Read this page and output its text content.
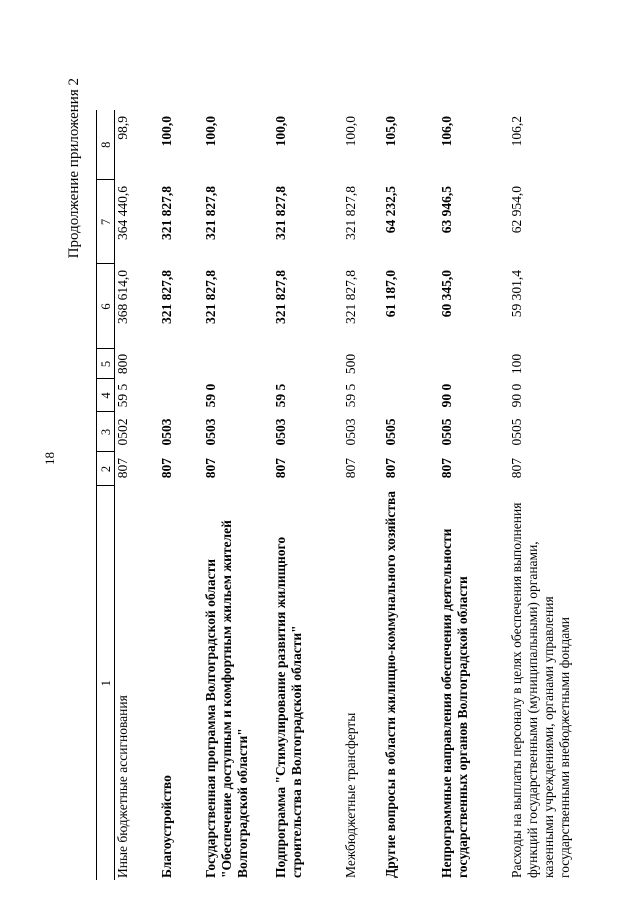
18
Продолжение приложения 2
1	2	3	4	5	6	7	8
Иные бюджетные ассигнования	807	0502	59 5	800	368 614,0	364 440,6	98,9
Благоустройство	807	0503			321 827,8	321 827,8	100,0
Государственная программа Волгоградской области "Обеспечение доступным и комфортным жильем жителей Волгоградской области"	807	0503	59 0		321 827,8	321 827,8	100,0
Подпрограмма "Стимулирование развития жилищного строительства в Волгоградской области"	807	0503	59 5		321 827,8	321 827,8	100,0
Межбюджетные трансферты	807	0503	59 5	500	321 827,8	321 827,8	100,0
Другие вопросы в области жилищно-коммунального хозяйства	807	0505			61 187,0	64 232,5	105,0
Непрограммные направления обеспечения деятельности государственных органов Волгоградской области	807	0505	90 0		60 345,0	63 946,5	106,0
Расходы на выплаты персоналу в целях обеспечения выполнения функций государственными (муниципальными) органами, казенными учреждениями, органами управления государственными внебюджетными фондами	807	0505	90 0	100	59 301,4	62 954,0	106,2
